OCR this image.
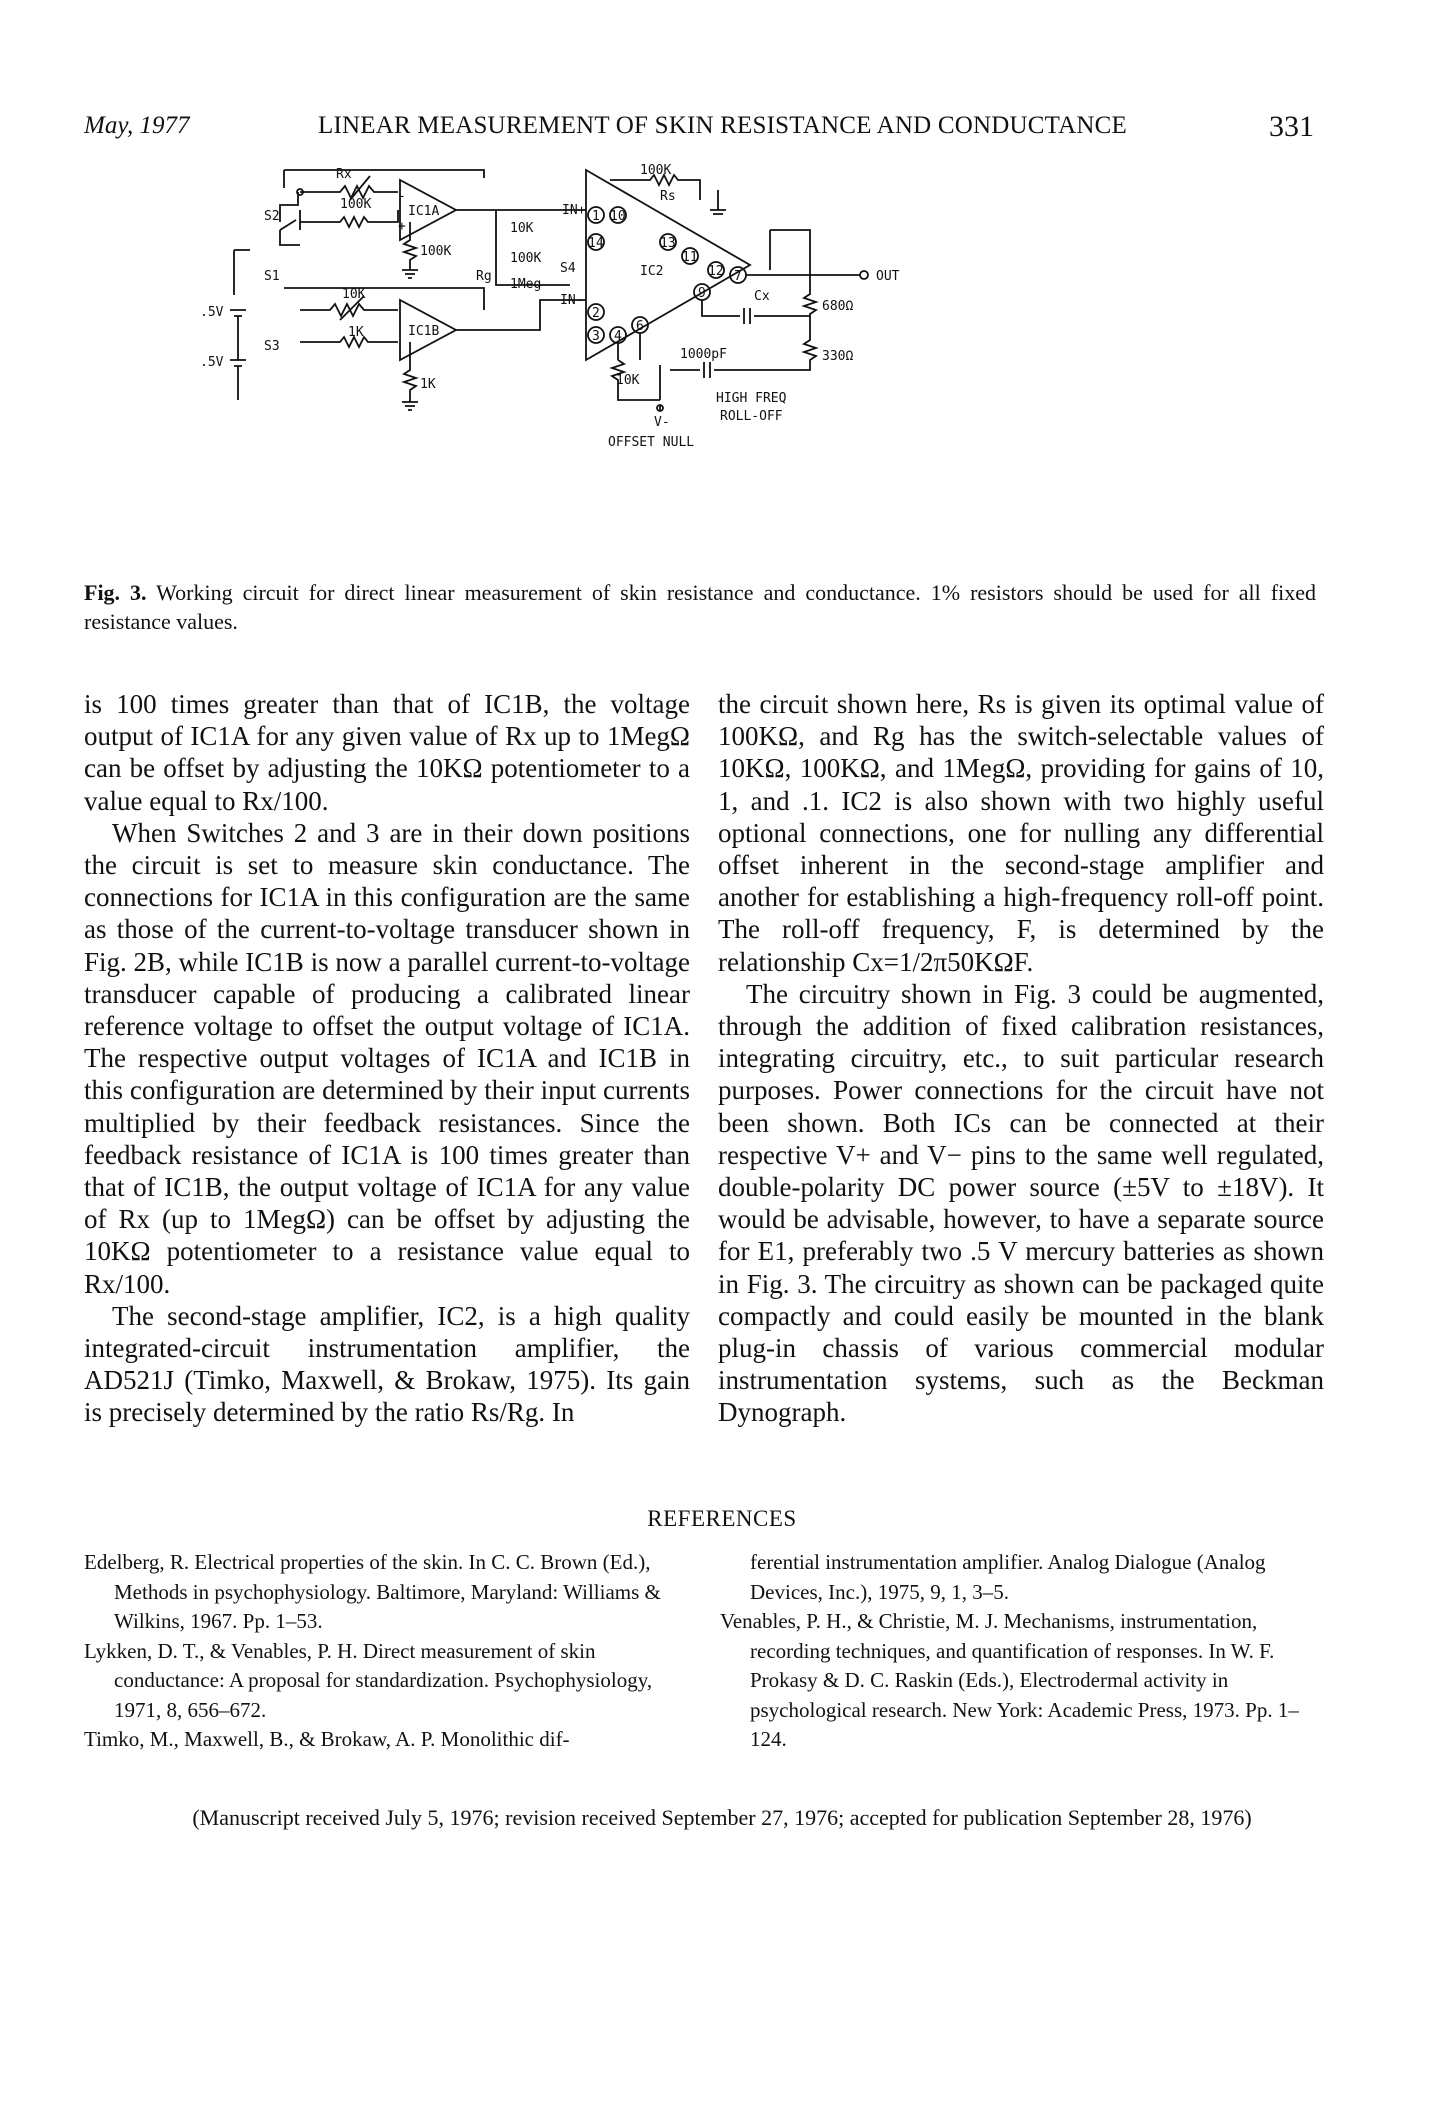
May, 1977	LINEAR MEASUREMENT OF SKIN RESISTANCE AND CONDUCTANCE	331
IC1A
-
+
Rx
S2
100K
100K
S1
.5V
.5V
10K
IC1B
S3
1K
1K
10K
100K
1Meg
Rg
S4	IC2
IN+
IN-
100K
Rs
1 10
14	13
11
12 7
9
2
3 4
6
OUT
680Ω
Cx
330Ω
1000pF
10K
V-
OFFSET NULL
HIGH FREQ
ROLL-OFF
Fig. 3. Working circuit for direct linear measurement of skin resistance and conductance. 1% resistors should be used for all fixed resistance values.

is 100 times greater than that of IC1B, the voltage output of IC1A for any given value of Rx up to 1MegΩ can be offset by adjusting the 10KΩ potentiometer to a value equal to Rx/100.

When Switches 2 and 3 are in their down positions the circuit is set to measure skin conductance. The connections for IC1A in this configuration are the same as those of the current-to-voltage transducer shown in Fig. 2B, while IC1B is now a parallel current-to-voltage transducer capable of producing a calibrated linear reference voltage to offset the output voltage of IC1A. The respective output voltages of IC1A and IC1B in this configuration are determined by their input currents multiplied by their feedback resistances. Since the feedback resistance of IC1A is 100 times greater than that of IC1B, the output voltage of IC1A for any value of Rx (up to 1MegΩ) can be offset by adjusting the 10KΩ potentiometer to a resistance value equal to Rx/100.

The second-stage amplifier, IC2, is a high quality integrated-circuit instrumentation amplifier, the AD521J (Timko, Maxwell, & Brokaw, 1975). Its gain is precisely determined by the ratio Rs/Rg. In

the circuit shown here, Rs is given its optimal value of 100KΩ, and Rg has the switch-selectable values of 10KΩ, 100KΩ, and 1MegΩ, providing for gains of 10, 1, and .1. IC2 is also shown with two highly useful optional connections, one for nulling any differential offset inherent in the second-stage amplifier and another for establishing a high-frequency roll-off point. The roll-off frequency, F, is determined by the relationship Cx=1/2π50KΩF.

The circuitry shown in Fig. 3 could be augmented, through the addition of fixed calibration resistances, integrating circuitry, etc., to suit particular research purposes. Power connections for the circuit have not been shown. Both ICs can be connected at their respective V+ and V− pins to the same well regulated, double-polarity DC power source (±5V to ±18V). It would be advisable, however, to have a separate source for E1, preferably two .5 V mercury batteries as shown in Fig. 3. The circuitry as shown can be packaged quite compactly and could easily be mounted in the blank plug-in chassis of various commercial modular instrumentation systems, such as the Beckman Dynograph.

REFERENCES

Edelberg, R. Electrical properties of the skin. In C. C. Brown (Ed.), Methods in psychophysiology. Baltimore, Maryland: Williams & Wilkins, 1967. Pp. 1–53.

Lykken, D. T., & Venables, P. H. Direct measurement of skin conductance: A proposal for standardization. Psychophysiology, 1971, 8, 656–672.

Timko, M., Maxwell, B., & Brokaw, A. P. Monolithic dif-

ferential instrumentation amplifier. Analog Dialogue (Analog Devices, Inc.), 1975, 9, 1, 3–5.

Venables, P. H., & Christie, M. J. Mechanisms, instrumentation, recording techniques, and quantification of responses. In W. F. Prokasy & D. C. Raskin (Eds.), Electrodermal activity in psychological research. New York: Academic Press, 1973. Pp. 1–124.

(Manuscript received July 5, 1976; revision received September 27, 1976; accepted for publication September 28, 1976)
